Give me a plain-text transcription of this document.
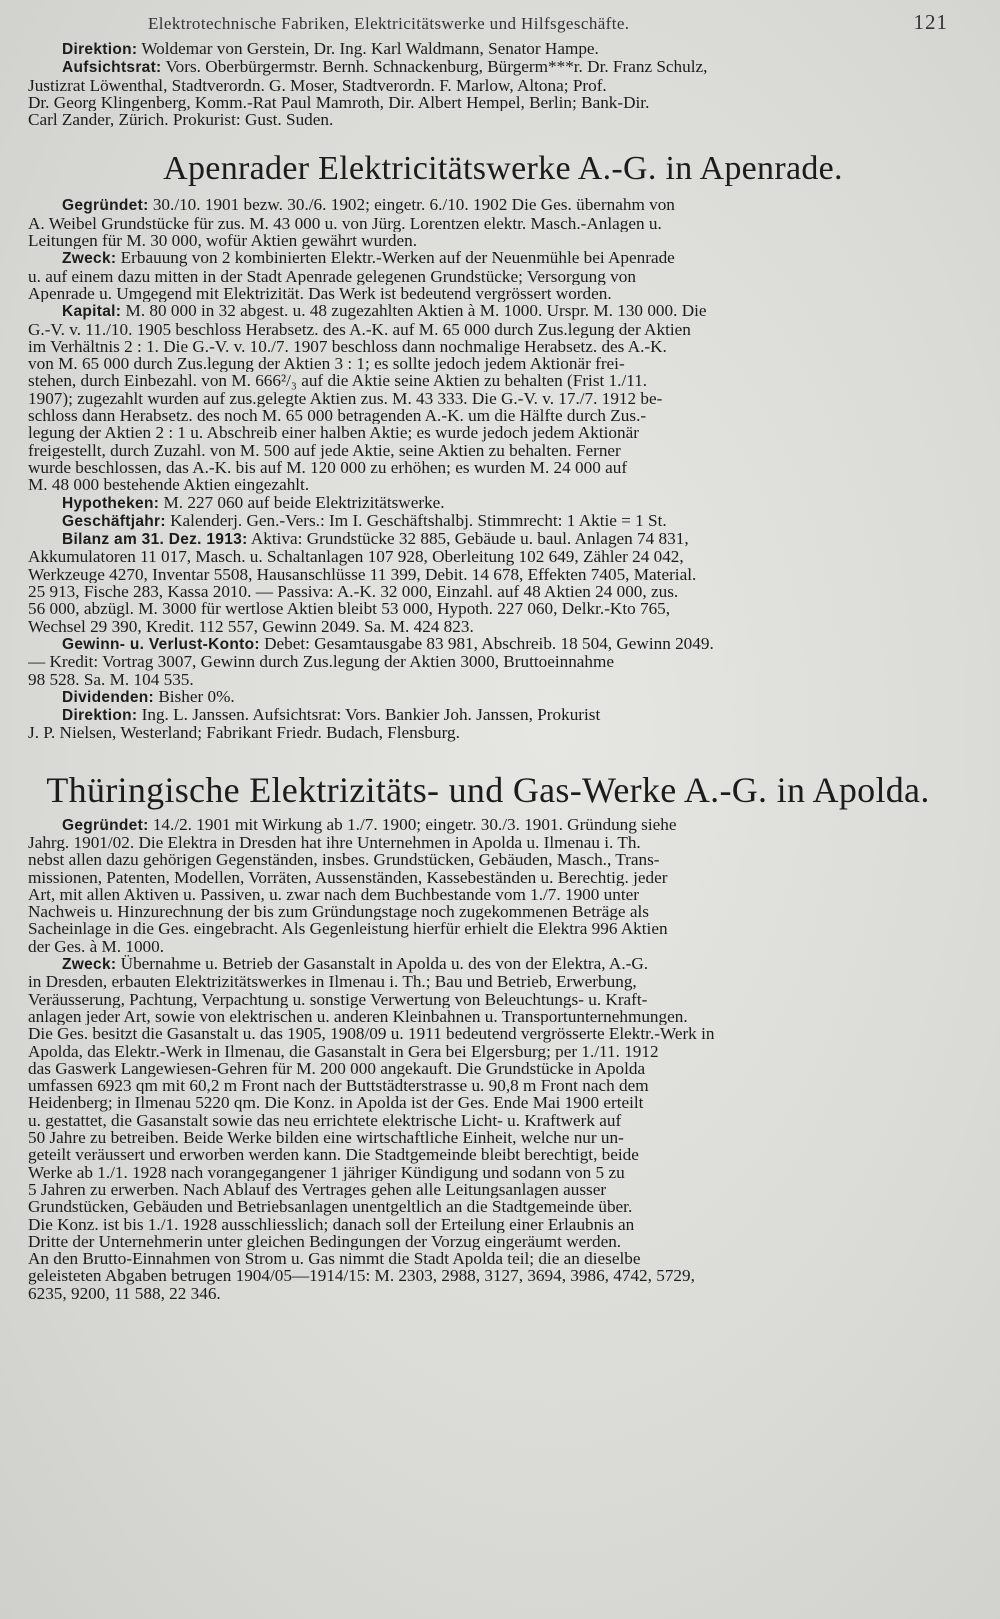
Elektrotechnische Fabriken, Elektricitätswerke und Hilfsgeschäfte.	121
Direktion: Woldemar von Gerstein, Dr. Ing. Karl Waldmann, Senator Hampe.
Aufsichtsrat: Vors. Oberbürgermstr. Bernh. Schnackenburg, Bürgerm***r. Dr. Franz Schulz,
Justizrat Löwenthal, Stadtverordn. G. Moser, Stadtverordn. F. Marlow, Altona; Prof.
Dr. Georg Klingenberg, Komm.-Rat Paul Mamroth, Dir. Albert Hempel, Berlin; Bank-Dir.
Carl Zander, Zürich. Prokurist: Gust. Suden.
Apenrader Elektricitätswerke A.-G. in Apenrade.
Gegründet: 30./10. 1901 bezw. 30./6. 1902; eingetr. 6./10. 1902 Die Ges. übernahm von
A. Weibel Grundstücke für zus. M. 43 000 u. von Jürg. Lorentzen elektr. Masch.-Anlagen u.
Leitungen für M. 30 000, wofür Aktien gewährt wurden.
Zweck: Erbauung von 2 kombinierten Elektr.-Werken auf der Neuenmühle bei Apenrade
u. auf einem dazu mitten in der Stadt Apenrade gelegenen Grundstücke; Versorgung von
Apenrade u. Umgegend mit Elektrizität. Das Werk ist bedeutend vergrössert worden.
Kapital: M. 80 000 in 32 abgest. u. 48 zugezahlten Aktien à M. 1000. Urspr. M. 130 000. Die
G.-V. v. 11./10. 1905 beschloss Herabsetz. des A.-K. auf M. 65 000 durch Zus.legung der Aktien
im Verhältnis 2 : 1. Die G.-V. v. 10./7. 1907 beschloss dann nochmalige Herabsetz. des A.-K.
von M. 65 000 durch Zus.legung der Aktien 3 : 1; es sollte jedoch jedem Aktionär frei-
stehen, durch Einbezahl. von M. 666²/₃ auf die Aktie seine Aktien zu behalten (Frist 1./11.
1907); zugezahlt wurden auf zus.gelegte Aktien zus. M. 43 333. Die G.-V. v. 17./7. 1912 be-
schloss dann Herabsetz. des noch M. 65 000 betragenden A.-K. um die Hälfte durch Zus.-
legung der Aktien 2 : 1 u. Abschreib einer halben Aktie; es wurde jedoch jedem Aktionär
freigestellt, durch Zuzahl. von M. 500 auf jede Aktie, seine Aktien zu behalten. Ferner
wurde beschlossen, das A.-K. bis auf M. 120 000 zu erhöhen; es wurden M. 24 000 auf
M. 48 000 bestehende Aktien eingezahlt.
Hypotheken: M. 227 060 auf beide Elektrizitätswerke.
Geschäftjahr: Kalenderj. Gen.-Vers.: Im I. Geschäftshalbj. Stimmrecht: 1 Aktie = 1 St.
Bilanz am 31. Dez. 1913: Aktiva: Grundstücke 32 885, Gebäude u. baul. Anlagen 74 831,
Akkumulatoren 11 017, Masch. u. Schaltanlagen 107 928, Oberleitung 102 649, Zähler 24 042,
Werkzeuge 4270, Inventar 5508, Hausanschlüsse 11 399, Debit. 14 678, Effekten 7405, Material.
25 913, Fische 283, Kassa 2010. — Passiva: A.-K. 32 000, Einzahl. auf 48 Aktien 24 000, zus.
56 000, abzügl. M. 3000 für wertlose Aktien bleibt 53 000, Hypoth. 227 060, Delkr.-Kto 765,
Wechsel 29 390, Kredit. 112 557, Gewinn 2049. Sa. M. 424 823.
Gewinn- u. Verlust-Konto: Debet: Gesamtausgabe 83 981, Abschreib. 18 504, Gewinn 2049.
— Kredit: Vortrag 3007, Gewinn durch Zus.legung der Aktien 3000, Bruttoeinnahme
98 528. Sa. M. 104 535.
Dividenden: Bisher 0%.
Direktion: Ing. L. Janssen. Aufsichtsrat: Vors. Bankier Joh. Janssen, Prokurist
J. P. Nielsen, Westerland; Fabrikant Friedr. Budach, Flensburg.
Thüringische Elektrizitäts- und Gas-Werke A.-G. in Apolda.
Gegründet: 14./2. 1901 mit Wirkung ab 1./7. 1900; eingetr. 30./3. 1901. Gründung siehe
Jahrg. 1901/02. Die Elektra in Dresden hat ihre Unternehmen in Apolda u. Ilmenau i. Th.
nebst allen dazu gehörigen Gegenständen, insbes. Grundstücken, Gebäuden, Masch., Trans-
missionen, Patenten, Modellen, Vorräten, Aussenständen, Kassebeständen u. Berechtig. jeder
Art, mit allen Aktiven u. Passiven, u. zwar nach dem Buchbestande vom 1./7. 1900 unter
Nachweis u. Hinzurechnung der bis zum Gründungstage noch zugekommenen Beträge als
Sacheinlage in die Ges. eingebracht. Als Gegenleistung hierfür erhielt die Elektra 996 Aktien
der Ges. à M. 1000.
Zweck: Übernahme u. Betrieb der Gasanstalt in Apolda u. des von der Elektra, A.-G.
in Dresden, erbauten Elektrizitätswerkes in Ilmenau i. Th.; Bau und Betrieb, Erwerbung,
Veräusserung, Pachtung, Verpachtung u. sonstige Verwertung von Beleuchtungs- u. Kraft-
anlagen jeder Art, sowie von elektrischen u. anderen Kleinbahnen u. Transportunternehmungen.
Die Ges. besitzt die Gasanstalt u. das 1905, 1908/09 u. 1911 bedeutend vergrösserte Elektr.-Werk in
Apolda, das Elektr.-Werk in Ilmenau, die Gasanstalt in Gera bei Elgersburg; per 1./11. 1912
das Gaswerk Langewiesen-Gehren für M. 200 000 angekauft. Die Grundstücke in Apolda
umfassen 6923 qm mit 60,2 m Front nach der Buttstädterstrasse u. 90,8 m Front nach dem
Heidenberg; in Ilmenau 5220 qm. Die Konz. in Apolda ist der Ges. Ende Mai 1900 erteilt
u. gestattet, die Gasanstalt sowie das neu errichtete elektrische Licht- u. Kraftwerk auf
50 Jahre zu betreiben. Beide Werke bilden eine wirtschaftliche Einheit, welche nur un-
geteilt veräussert und erworben werden kann. Die Stadtgemeinde bleibt berechtigt, beide
Werke ab 1./1. 1928 nach vorangegangener 1 jähriger Kündigung und sodann von 5 zu
5 Jahren zu erwerben. Nach Ablauf des Vertrages gehen alle Leitungsanlagen ausser
Grundstücken, Gebäuden und Betriebsanlagen unentgeltlich an die Stadtgemeinde über.
Die Konz. ist bis 1./1. 1928 ausschliesslich; danach soll der Erteilung einer Erlaubnis an
Dritte der Unternehmerin unter gleichen Bedingungen der Vorzug eingeräumt werden.
An den Brutto-Einnahmen von Strom u. Gas nimmt die Stadt Apolda teil; die an dieselbe
geleisteten Abgaben betrugen 1904/05—1914/15: M. 2303, 2988, 3127, 3694, 3986, 4742, 5729,
6235, 9200, 11 588, 22 346.
